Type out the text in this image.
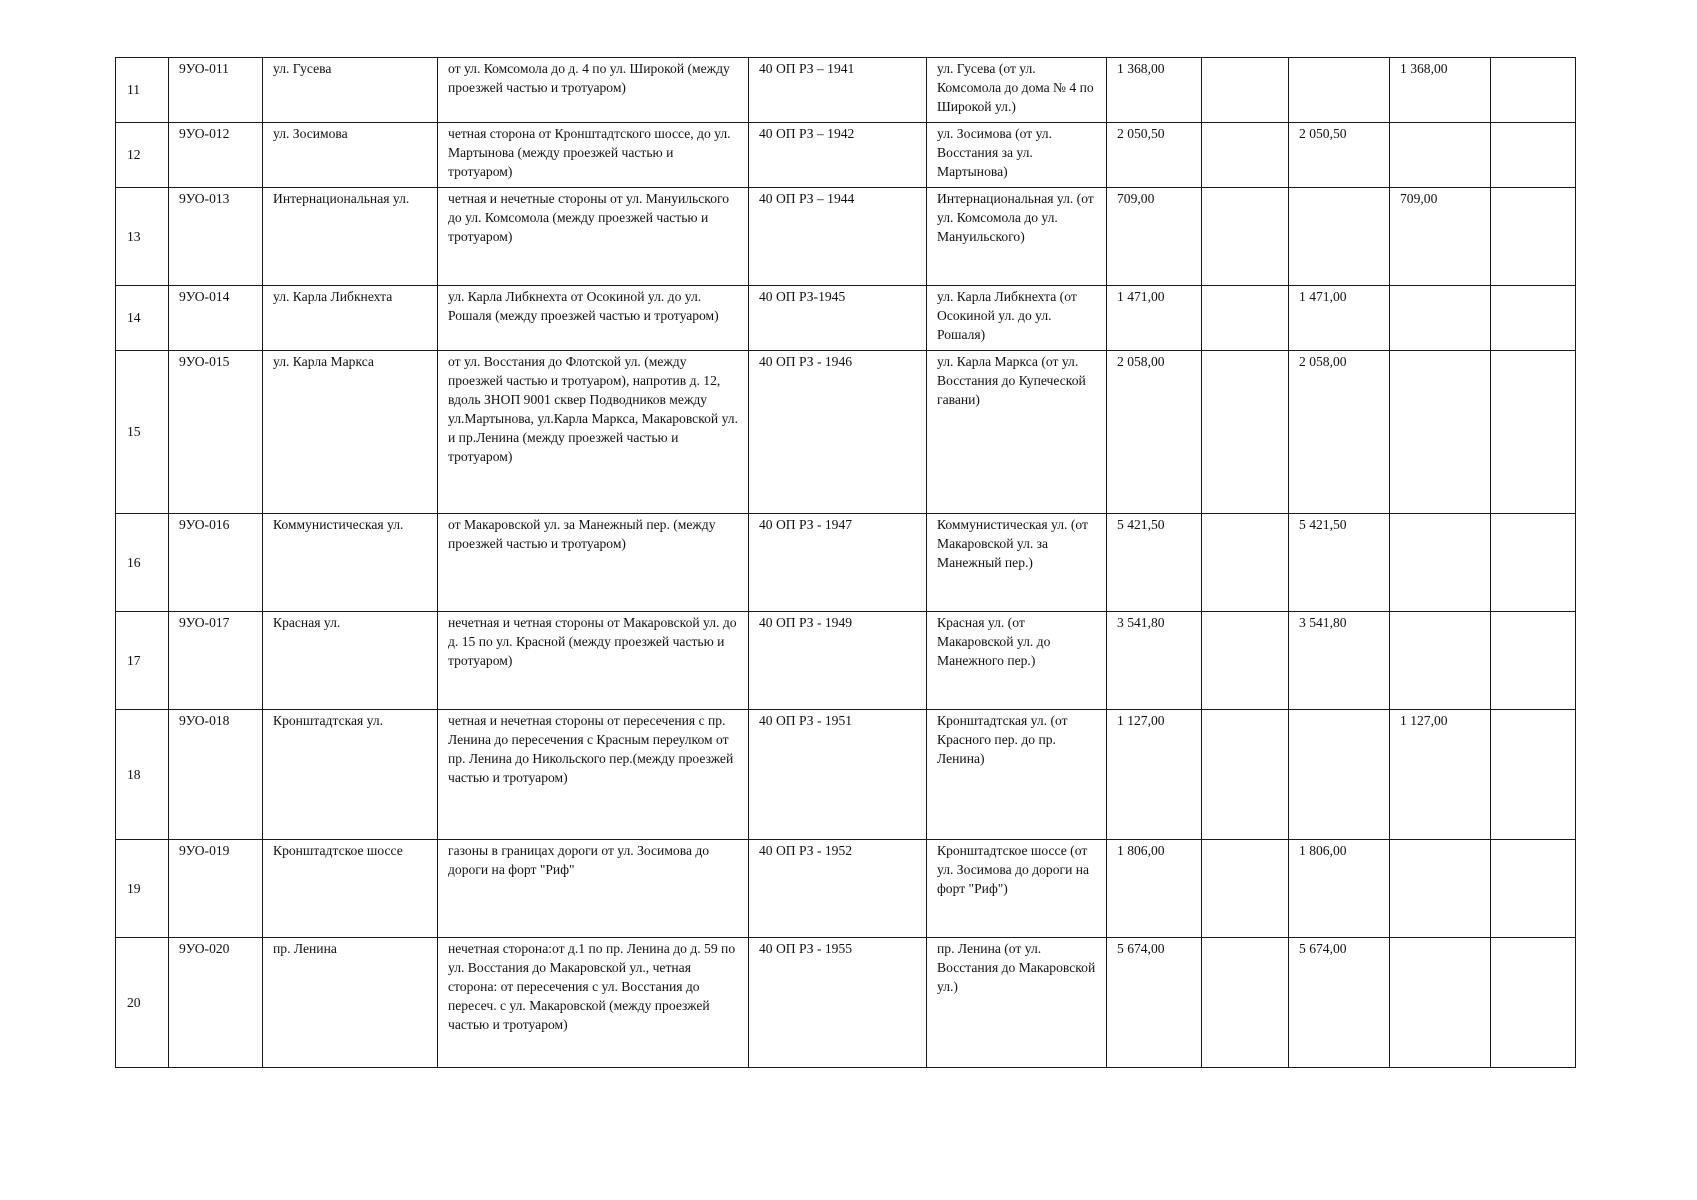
11	9УО-011	ул. Гусева	от ул. Комсомола до д. 4 по ул. Широкой (между проезжей частью и тротуаром)	40 ОП РЗ – 1941	ул. Гусева (от ул. Комсомола до дома № 4 по Широкой ул.)	1 368,00			1 368,00	
12	9УО-012	ул. Зосимова	четная сторона от Кронштадтского шоссе, до ул. Мартынова (между проезжей частью и тротуаром)	40 ОП РЗ – 1942	ул. Зосимова (от ул. Восстания за ул. Мартынова)	2 050,50		2 050,50		
13	9УО-013	Интернациональная ул.	четная и нечетные стороны от ул. Мануильского до ул. Комсомола (между проезжей частью и тротуаром)	40 ОП РЗ – 1944	Интернациональная ул. (от ул. Комсомола до ул. Мануильского)	709,00			709,00	
14	9УО-014	ул. Карла Либкнехта	ул. Карла Либкнехта от Осокиной ул. до ул. Рошаля (между проезжей частью и тротуаром)	40 ОП РЗ-1945	ул. Карла Либкнехта (от Осокиной ул. до ул. Рошаля)	1 471,00		1 471,00		
15	9УО-015	ул. Карла Маркса	от ул. Восстания до Флотской ул. (между проезжей частью и тротуаром), напротив д. 12, вдоль ЗНОП 9001 сквер Подводников между ул.Мартынова, ул.Карла Маркса, Макаровской ул. и пр.Ленина (между проезжей частью и тротуаром)	40 ОП РЗ - 1946	ул. Карла Маркса (от ул. Восстания до Купеческой гавани)	2 058,00		2 058,00		
16	9УО-016	Коммунистическая ул.	от Макаровской ул. за Манежный пер. (между проезжей частью и тротуаром)	40 ОП РЗ - 1947	Коммунистическая ул. (от Макаровской ул. за Манежный пер.)	5 421,50		5 421,50		
17	9УО-017	Красная ул.	нечетная и четная стороны от Макаровской ул. до д. 15 по ул. Красной (между проезжей частью и тротуаром)	40 ОП РЗ - 1949	Красная ул. (от Макаровской ул. до Манежного пер.)	3 541,80		3 541,80		
18	9УО-018	Кронштадтская ул.	четная и нечетная стороны от пересечения с пр. Ленина до пересечения с Красным переулком от пр. Ленина до Никольского пер.(между проезжей частью и тротуаром)	40 ОП РЗ - 1951	Кронштадтская ул. (от Красного пер. до пр. Ленина)	1 127,00			1 127,00	
19	9УО-019	Кронштадтское шоссе	газоны в границах дороги от ул. Зосимова до дороги на форт "Риф"	40 ОП РЗ - 1952	Кронштадтское шоссе (от ул. Зосимова до дороги на форт "Риф")	1 806,00		1 806,00		
20	9УО-020	пр. Ленина	нечетная сторона:от д.1 по пр. Ленина до д. 59 по ул. Восстания до Макаровской ул., четная сторона: от пересечения с ул. Восстания до пересеч. с ул. Макаровской (между проезжей частью и тротуаром)	40 ОП РЗ - 1955	пр. Ленина (от ул. Восстания до Макаровской ул.)	5 674,00		5 674,00		
